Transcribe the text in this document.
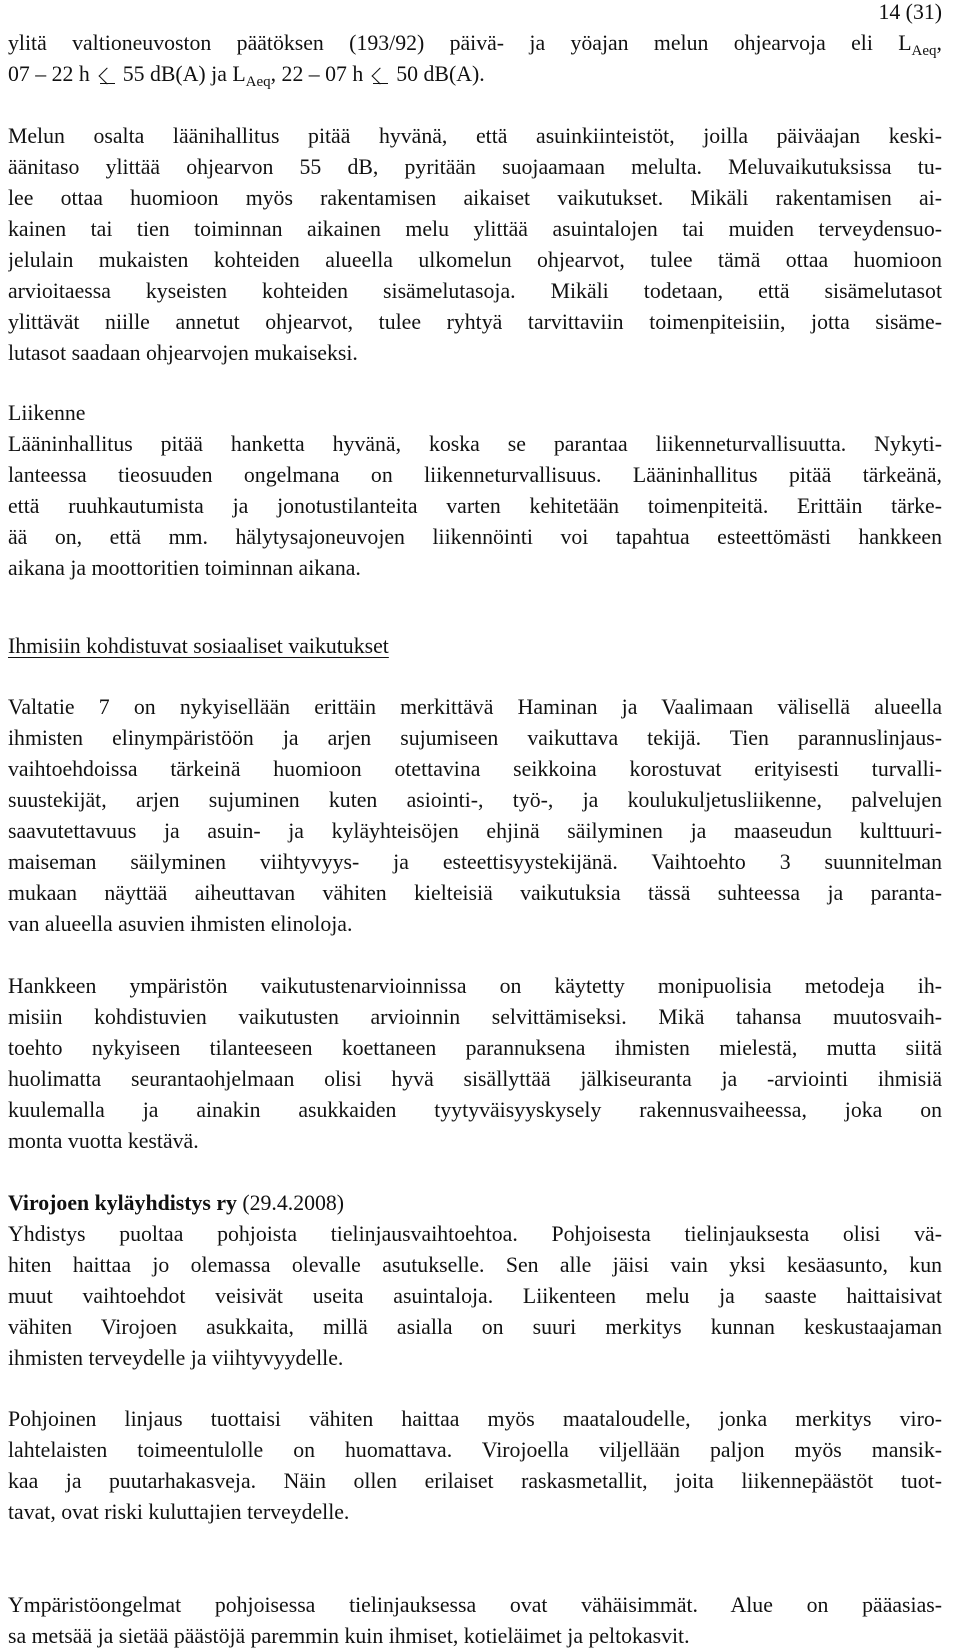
14 (31)
ylitä valtioneuvoston päätöksen (193/92) päivä- ja yöajan melun ohjearvoja eli $L_{Aeq}$,
07 – 22 h 55 dB(A) ja $L_{Aeq}$, 22 – 07 h 50 dB(A).
Melun osalta läänihallitus pitää hyvänä, että asuinkiinteistöt, joilla päiväajan keski-
äänitaso ylittää ohjearvon 55 dB, pyritään suojaamaan melulta. Meluvaikutuksissa tu-
lee ottaa huomioon myös rakentamisen aikaiset vaikutukset. Mikäli rakentamisen ai-
kainen tai tien toiminnan aikainen melu ylittää asuintalojen tai muiden terveydensuo-
jelulain mukaisten kohteiden alueella ulkomelun ohjearvot, tulee tämä ottaa huomioon
arvioitaessa kyseisten kohteiden sisämelutasoja. Mikäli todetaan, että sisämelutasot
ylittävät niille annetut ohjearvot, tulee ryhtyä tarvittaviin toimenpiteisiin, jotta sisäme-
lutasot saadaan ohjearvojen mukaiseksi.
Liikenne
Lääninhallitus pitää hanketta hyvänä, koska se parantaa liikenneturvallisuutta. Nykyti-
lanteessa tieosuuden ongelmana on liikenneturvallisuus. Lääninhallitus pitää tärkeänä,
että ruuhkautumista ja jonotustilanteita varten kehitetään toimenpiteitä. Erittäin tärke-
ää on, että mm. hälytysajoneuvojen liikennöinti voi tapahtua esteettömästi hankkeen
aikana ja moottoritien toiminnan aikana.
Ihmisiin kohdistuvat sosiaaliset vaikutukset
Valtatie 7 on nykyisellään erittäin merkittävä Haminan ja Vaalimaan välisellä alueella
ihmisten elinympäristöön ja arjen sujumiseen vaikuttava tekijä. Tien parannuslinjaus-
vaihtoehdoissa tärkeinä huomioon otettavina seikkoina korostuvat erityisesti turvalli-
suustekijät, arjen sujuminen kuten asiointi-, työ-, ja koulukuljetusliikenne, palvelujen
saavutettavuus ja asuin- ja kyläyhteisöjen ehjinä säilyminen ja maaseudun kulttuuri-
maiseman säilyminen viihtyvyys- ja esteettisyystekijänä. Vaihtoehto 3 suunnitelman
mukaan näyttää aiheuttavan vähiten kielteisiä vaikutuksia tässä suhteessa ja paranta-
van alueella asuvien ihmisten elinoloja.
Hankkeen ympäristön vaikutustenarvioinnissa on käytetty monipuolisia metodeja ih-
misiin kohdistuvien vaikutusten arvioinnin selvittämiseksi. Mikä tahansa muutosvaih-
toehto nykyiseen tilanteeseen koettaneen parannuksena ihmisten mielestä, mutta siitä
huolimatta seurantaohjelmaan olisi hyvä sisällyttää jälkiseuranta ja -arviointi ihmisiä
kuulemalla ja ainakin asukkaiden tyytyväisyyskysely rakennusvaiheessa, joka on
monta vuotta kestävä.
Virojoen kyläyhdistys ry (29.4.2008)
Yhdistys puoltaa pohjoista tielinjausvaihtoehtoa. Pohjoisesta tielinjauksesta olisi vä-
hiten haittaa jo olemassa olevalle asutukselle. Sen alle jäisi vain yksi kesäasunto, kun
muut vaihtoehdot veisivät useita asuintaloja. Liikenteen melu ja saaste haittaisivat
vähiten Virojoen asukkaita, millä asialla on suuri merkitys kunnan keskustaajaman
ihmisten terveydelle ja viihtyvyydelle.
Pohjoinen linjaus tuottaisi vähiten haittaa myös maataloudelle, jonka merkitys viro-
lahtelaisten toimeentulolle on huomattava. Virojoella viljellään paljon myös mansik-
kaa ja puutarhakasveja. Näin ollen erilaiset raskasmetallit, joita liikennepäästöt tuot-
tavat, ovat riski kuluttajien terveydelle.
Ympäristöongelmat pohjoisessa tielinjauksessa ovat vähäisimmät. Alue on pääasias-
sa metsää ja sietää päästöjä paremmin kuin ihmiset, kotieläimet ja peltokasvit.
